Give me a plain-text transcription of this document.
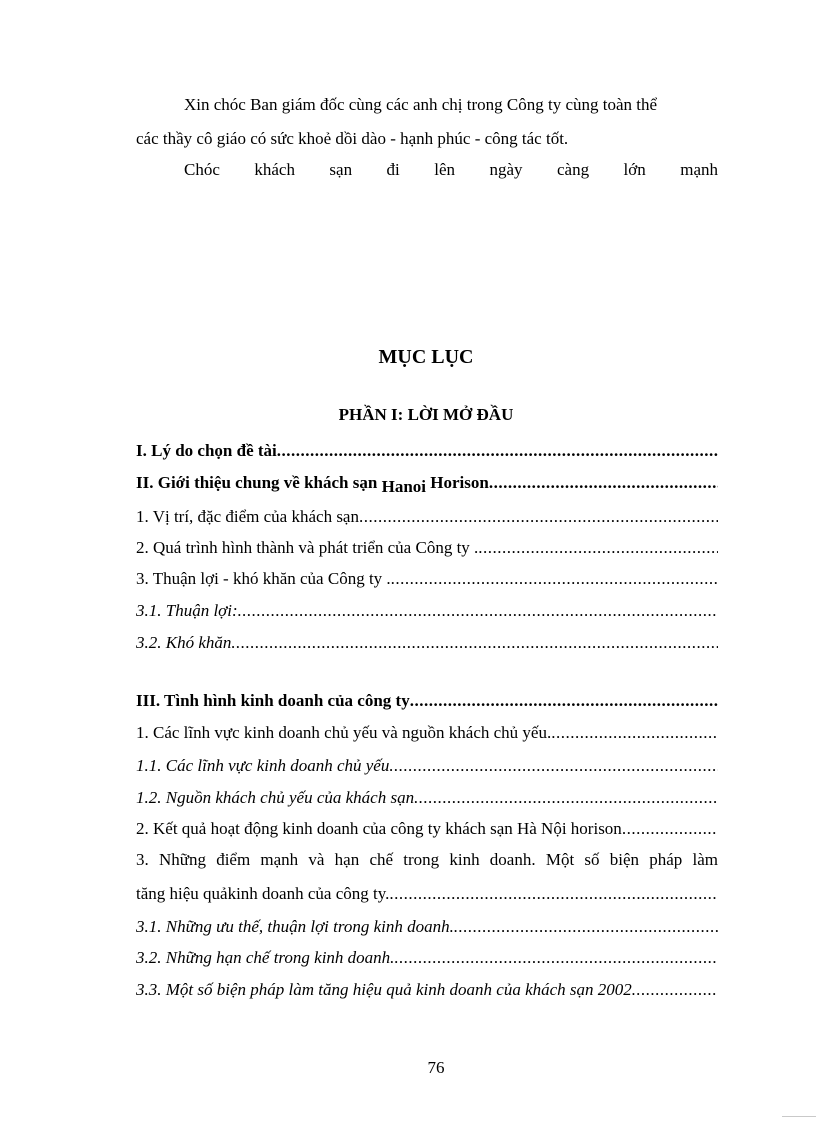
Xin chóc Ban giám đốc cùng các anh chị trong Công ty cùng toàn thể
các thầy cô giáo có sức khoẻ dồi dào - hạnh phúc - công tác tốt.
Chóc khách sạn đi lên ngày càng lớn mạnh
MỤC LỤC
PHẦN I: LỜI MỞ ĐẦU
I. Lý do chọn đề tài
.....
II. Giới thiệu chung về khách sạn Hanoi Horison
.....
1. Vị trí, đặc điểm của khách sạn
.....
2. Quá trình hình thành và phát triển của Công ty .
.....
3. Thuận lợi - khó khăn của Công ty .
.....
3.1. Thuận lợi:
.....
3.2. Khó khăn
.....
III. Tình hình kinh doanh của công ty
.....
1. Các lĩnh vực kinh doanh chủ yếu và nguồn khách chủ yếu.
.....
1.1. Các lĩnh vực kinh doanh chủ yếu
.....
1.2. Nguồn khách chủ yếu của khách sạn
.....
2. Kết quả hoạt động kinh doanh của công ty khách sạn Hà Nội horison
.....
3. Những điểm mạnh và hạn chế trong kinh doanh. Một số biện pháp làm
tăng hiệu quảkinh doanh của công ty.
.....
3.1. Những ưu thế, thuận lợi trong kinh doanh.
.....
3.2. Những hạn chế trong kinh doanh.
.....
3.3. Một số biện pháp làm tăng hiệu quả kinh doanh của khách sạn 2002
.....
76
